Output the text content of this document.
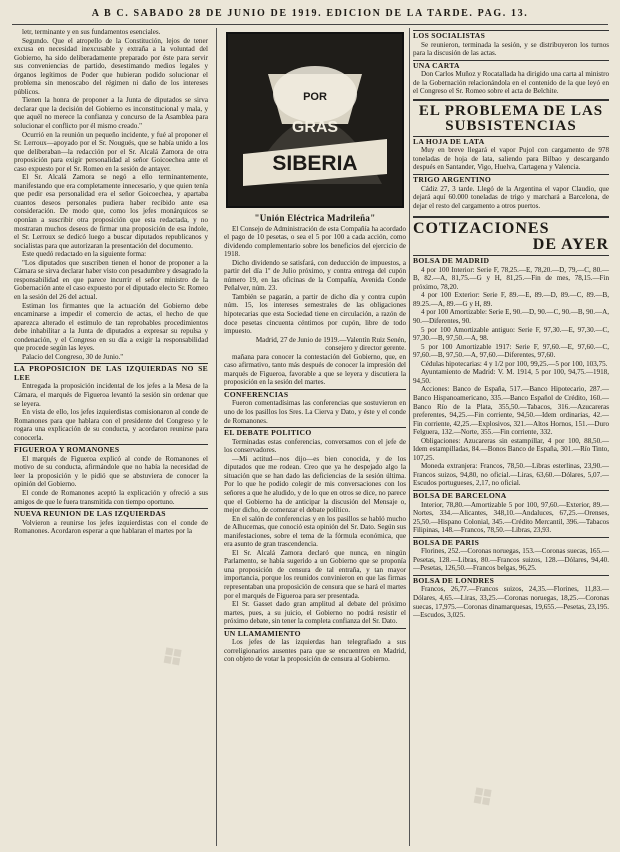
A B C. SABADO 28 DE JUNIO DE 1919. EDICION DE LA TARDE. PAG. 13.

letr, terminante y en sus fundamentos esenciales.

Segundo. Que el atropello de la Constitución, lejos de tener excusa en necesidad inexcusable y extraña a la voluntad del Gobierno, ha sido deliberadamente preparado por éste para servir sus conveniencias de partido, desestimando medios legales y órganos legítimos de Poder que hubieran podido solucionar el problema sin menoscabo del régimen ni daño de los intereses públicos.

Tienen la honra de proponer a la Junta de diputados se sirva declarar que la decisión del Gobierno es inconstitucional y mala, y que aquél no merece la confianza y concurso de la Asamblea para solucionar el conflicto por él mismo creado."

Ocurrió en la reunión un pequeño incidente, y fué al proponer el Sr. Lerroux—apoyado por el Sr. Nougués, que se había unido a los que deliberaban—la redacción por el Sr. Alcalá Zamora de otra proposición para exigir personalidad al señor Goicoechea ante el caso expuesto por el Sr. Romeo en la sesión de antayer.

El Sr. Alcalá Zamora se negó a ello terminantemente, manifestando que era completamente innecesario, y que quien tenía que pedir esa personalidad era el señor Goicoechea, y apartaba cuantos deseos personales pudiera haber recibido ante esa consideración. De modo que, como los jefes monárquicos se oponían a suscribir otra proposición que esta redactada, y no mostraran muchos deseos de firmar una proposición de esa índole, el Sr. Lerroux se dedicó luego a buscar diputados republicanos y socialistas para que autorizaran la presentación del documento.

Este quedó redactado en la siguiente forma:

"Los diputados que suscriben tienen el honor de proponer a la Cámara se sirva declarar haber visto con pesadumbre y desagrado la responsabilidad en que parece incurrir el señor ministro de la Gobernación ante el caso expuesto por el diputado electo Sr. Romeo en la sesión del 26 del actual.

Estiman los firmantes que la actuación del Gobierno debe encaminarse a impedir el comercio de actas, el hecho de que aparezca alterado el estímulo de tan reprobables procedimientos debe inhabilitar a la Junta de diputados a expresar su repulsa y condenación, y el Congreso en su día a exigir la responsabilidad que procede según las leyes.

Palacio del Congreso, 30 de Junio."

LA PROPOSICION DE LAS IZQUIERDAS NO SE LEE

Entregada la proposición incidental de los jefes a la Mesa de la Cámara, el marqués de Figueroa levantó la sesión sin ordenar que se leyera.

En vista de ello, los jefes izquierdistas comisionaron al conde de Romanones para que hablara con el presidente del Congreso y le rogara una explicación de su conducta, y acordaron reunirse para conocerla.

FIGUEROA Y ROMANONES

El marqués de Figueroa explicó al conde de Romanones el motivo de su conducta, afirmándole que no había la necesidad de leer la proposición y le pidió que se abstuviera de conocer la opinión del Gobierno.

El conde de Romanones aceptó la explicación y ofreció a sus amigos de que le fuera transmitida con tiempo oportuno.

NUEVA REUNION DE LAS IZQUIERDAS

Volvieron a reunirse los jefes izquierdistas con el conde de Romanones. Acordaron esperar a que hablaran el martes por la

POR
GRAS
SIBERIA
"Unión Eléctrica Madrileña"

El Consejo de Administración de esta Compañía ha acordado el pago de 10 pesetas, o sea el 5 por 100 a cada acción, como dividendo complementario sobre los beneficios del ejercicio de 1918.

Dicho dividendo se satisfará, con deducción de impuestos, a partir del día 1º de Julio próximo, y contra entrega del cupón número 19, en las oficinas de la Compañía, Avenida Conde Peñalver, núm. 23.

También se pagarán, a partir de dicho día y contra cupón núm. 15, los intereses semestrales de las obligaciones hipotecarias que esta Sociedad tiene en circulación, a razón de doce pesetas cincuenta céntimos por cupón, libre de todo impuesto.

Madrid, 27 de Junio de 1919.—Valentín Ruiz Senén, consejero y director gerente.

mañana para conocer la contestación del Gobierno, que, en caso afirmativo, tanto más después de conocer la impresión del marqués de Figueroa, favorable a que se leyera y discutiera la proposición en la sesión del martes.

CONFERENCIAS

Fueron comentadísimas las conferencias que sostuvieron en uno de los pasillos los Sres. La Cierva y Dato, y éste y el conde de Romanones.

EL DEBATE POLITICO

Terminadas estas conferencias, conversamos con el jefe de los conservadores.

—Mi actitud—nos dijo—es bien conocida, y de los diputados que me rodean. Creo que ya he despejado algo la situación que se han dado las deficiencias de la sesión última. Por lo que he podido colegir de mis conversaciones con los señores a que he aludido, y de lo que en otros se dice, no parece que el Gobierno ha de anticipar la discusión del Mensaje o, mejor dicho, de comenzar el debate político.

En el salón de conferencias y en los pasillos se habló mucho de Alhucemas, que conoció esta opinión del Sr. Dato. Según sus manifestaciones, sobre el tema de la fórmula económica, que era asunto de gran trascendencia.

El Sr. Alcalá Zamora declaró que nunca, en ningún Parlamento, se había sugerido a un Gobierno que se proponía una proposición de censura de tal entraña, y tan mayor importancia, porque los reunidos convinieron en que las firmas representaban una proposición de censura que se hará el martes por el marqués de Figueroa para ser presentada.

El Sr. Gasset dado gran amplitud al debate del próximo martes, pues, a su juicio, el Gobierno no podrá resistir el próximo debate, sin tener la completa confianza del Sr. Dato.

UN LLAMAMIENTO

Los jefes de las izquierdas han telegrafiado a sus correligionarios ausentes para que se encuentren en Madrid, con objeto de votar la proposición de censura al Gobierno.

LOS SOCIALISTAS

Se reunieron, terminada la sesión, y se distribuyeron los turnos para la discusión de las actas.

UNA CARTA

Don Carlos Muñoz y Rocatallada ha dirigido una carta al ministro de la Gobernación relacionándola en el contenido de la que leyó en el Congreso el Sr. Romeo sobre el acta de Belchite.

EL PROBLEMA DE LAS SUBSISTENCIAS
LA HOJA DE LATA

Muy en breve llegará el vapor Pujol con cargamento de 978 toneladas de hoja de lata, saliendo para Bilbao y descargando después en Santander, Vigo, Huelva, Cartagena y Valencia.

TRIGO ARGENTINO

Cádiz 27, 3 tarde. Llegó de la Argentina el vapor Claudio, que dejará aquí 60.000 toneladas de trigo y marchará a Barcelona, de dejar el resto del cargamento a otros puertos.

COTIZACIONES
DE AYER
BOLSA DE MADRID

4 por 100 Interior: Serie F, 78,25.—E, 78,20.—D, 79,—C, 80.—B, 82.—A, 81,75.—G y H, 81,25.—Fin de mes, 78,15.—Fin próximo, 78,20.

4 por 100 Exterior: Serie F, 89.—E, 89.—D, 89.—C, 89.—B, 89.25.—A, 89.—G y H, 89.

4 por 100 Amortizable: Serie E, 90.—D, 90.—C, 90.—B, 90.—A, 90.—Diferentes, 90.

5 por 100 Amortizable antiguo: Serie F, 97,30.—E, 97,30.—C, 97,30.—B, 97,50.—A, 98.

5 por 100 Amortizable 1917: Serie F, 97,60.—E, 97,60.—C, 97,60.—B, 97,50.—A, 97,60.—Diferentes, 97,60.

Cédulas hipotecarias: 4 y 1/2 por 100, 99,25.—5 por 100, 103,75.

Ayuntamiento de Madrid: V. M. 1914, 5 por 100, 94,75.—1918, 94,50.

Acciones: Banco de España, 517.—Banco Hipotecario, 287.—Banco Hispanoamericano, 335.—Banco Español de Crédito, 160.—Banco Río de la Plata, 355,50.—Tabacos, 316.—Azucareras preferentes, 94,25.—Fin corriente, 94,50.—Idem ordinarias, 42.—Fin corriente, 42,25.—Explosivos, 321.—Altos Hornos, 151.—Duro Felguera, 132.—Norte, 355.—Fin corriente, 332.

Obligaciones: Azucareras sin estampillar, 4 por 100, 88,50.—Idem estampilladas, 84.—Bonos Banco de España, 301.—Río Tinto, 107,25.

Moneda extranjera: Francos, 78,50.—Libras esterlinas, 23,90.—Francos suizos, 94,80, no oficial.—Liras, 63,60.—Dólares, 5,07.—Escudos portugueses, 2,17, no oficial.

BOLSA DE BARCELONA

Interior, 78,80.—Amortizable 5 por 100, 97,60.—Exterior, 89.—Nortes, 334.—Alicantes, 348,10.—Andaluces, 67,25.—Orenses, 25,50.—Hispano Colonial, 345.—Crédito Mercantil, 396.—Tabacos Filipinas, 148.—Francos, 78,50.—Libras, 23,93.

BOLSA DE PARIS

Florines, 252.—Coronas noruegas, 153.—Coronas suecas, 165.—Pesetas, 128.—Libras, 80.—Francos suizos, 128.—Dólares, 94,40.—Pesetas, 126,50.—Francos belgas, 96,25.

BOLSA DE LONDRES

Francos, 26,77.—Francos suizos, 24,35.—Florines, 11,83.—Dólares, 4,65.—Liras, 33,25.—Coronas noruegas, 18,25.—Coronas suecas, 17,975.—Coronas dinamarquesas, 19,655.—Pesetas, 23,195.—Escudos, 3,025.

❖
❖
